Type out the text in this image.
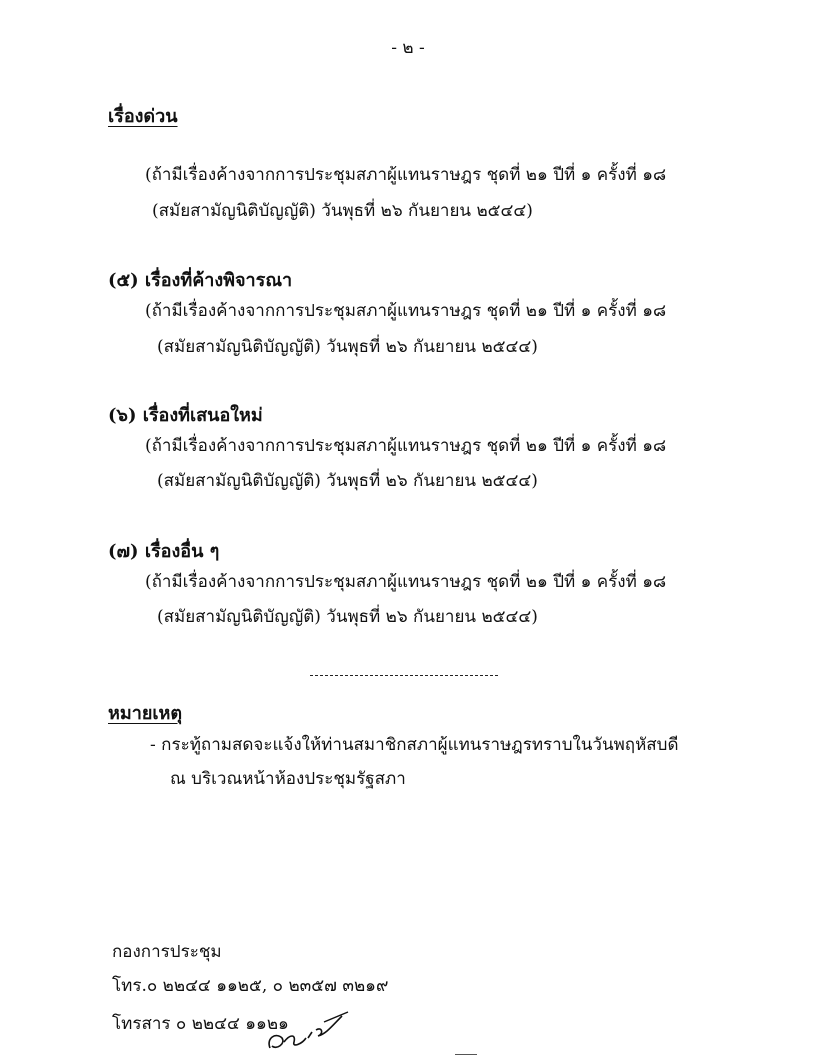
- ๒ -
เรื่องด่วน
(ถ้ามีเรื่องค้างจากการประชุมสภาผู้แทนราษฎร ชุดที่ ๒๑ ปีที่ ๑ ครั้งที่ ๑๘
(สมัยสามัญนิติบัญญัติ) วันพุธที่ ๒๖ กันยายน ๒๕๔๔)
(๕) เรื่องที่ค้างพิจารณา
(ถ้ามีเรื่องค้างจากการประชุมสภาผู้แทนราษฎร ชุดที่ ๒๑ ปีที่ ๑ ครั้งที่ ๑๘
(สมัยสามัญนิติบัญญัติ) วันพุธที่ ๒๖ กันยายน ๒๕๔๔)
(๖) เรื่องที่เสนอใหม่
(ถ้ามีเรื่องค้างจากการประชุมสภาผู้แทนราษฎร ชุดที่ ๒๑ ปีที่ ๑ ครั้งที่ ๑๘
(สมัยสามัญนิติบัญญัติ) วันพุธที่ ๒๖ กันยายน ๒๕๔๔)
(๗) เรื่องอื่น ๆ
(ถ้ามีเรื่องค้างจากการประชุมสภาผู้แทนราษฎร ชุดที่ ๒๑ ปีที่ ๑ ครั้งที่ ๑๘
(สมัยสามัญนิติบัญญัติ) วันพุธที่ ๒๖ กันยายน ๒๕๔๔)
หมายเหตุ
- กระทู้ถามสดจะแจ้งให้ท่านสมาชิกสภาผู้แทนราษฎรทราบในวันพฤหัสบดี
ณ บริเวณหน้าห้องประชุมรัฐสภา
กองการประชุม
โทร.๐ ๒๒๔๔ ๑๑๒๕, ๐ ๒๓๕๗ ๓๒๑๙
โทรสาร ๐ ๒๒๔๔ ๑๑๒๑
